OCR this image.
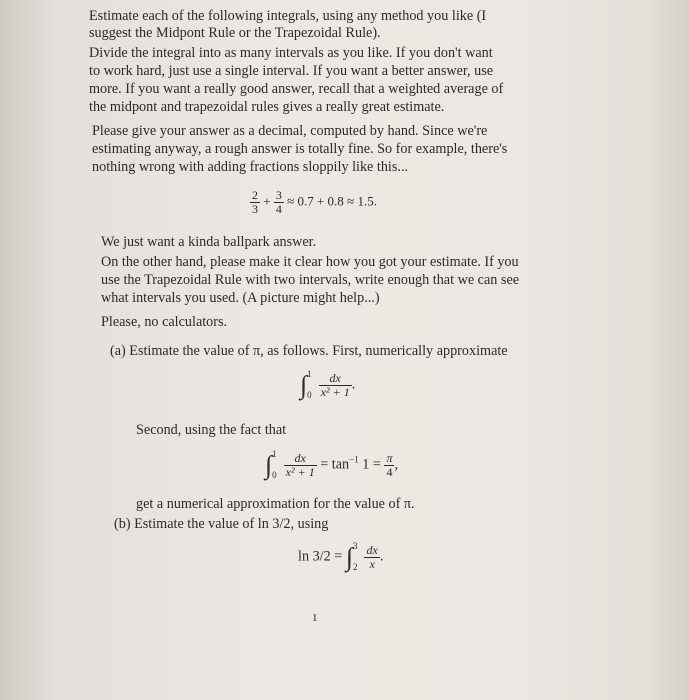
Estimate each of the following integrals, using any method you like (I
suggest the Midpont Rule or the Trapezoidal Rule).
Divide the integral into as many intervals as you like. If you don't want
to work hard, just use a single interval. If you want a better answer, use
more. If you want a really good answer, recall that a weighted average of
the midpont and trapezoidal rules gives a really great estimate.
Please give your answer as a decimal, computed by hand. Since we're
estimating anyway, a rough answer is totally fine. So for example, there's
nothing wrong with adding fractions sloppily like this...
$\frac{2}{3} + \frac{3}{4} \approx 0.7 + 0.8 \approx 1.5$.
We just want a kinda ballpark answer.
On the other hand, please make it clear how you got your estimate. If you
use the Trapezoidal Rule with two intervals, write enough that we can see
what intervals you used. (A picture might help...)
Please, no calculators.
(a) Estimate the value of π, as follows. First, numerically approximate
∫ 1
0
$\frac{dx}{\text{x² + 1}}$ .
Second, using the fact that
∫ 1
0
$\frac{dx}{\text{x² + 1}} = \tan^{-1} 1 = \frac{\pi}{4}$ ,
get a numerical approximation for the value of π.
(b) Estimate the value of ln 3/2, using
ln 3/2 = ∫ 3
2
$\frac{dx}{x}$ .
1
